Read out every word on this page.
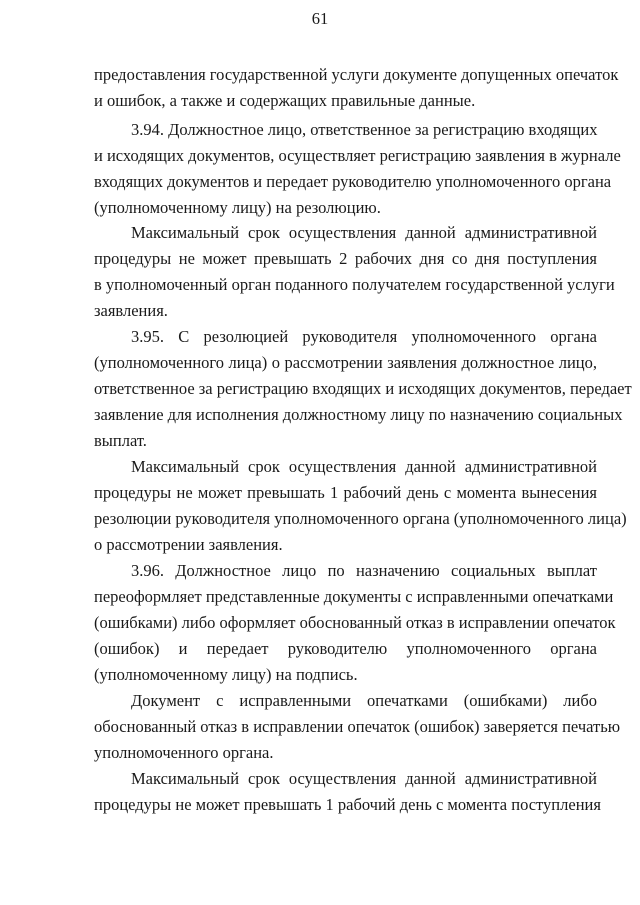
61
предоставления государственной услуги документе допущенных опечаток
и ошибок, а также и содержащих правильные данные.
3.94. Должностное лицо, ответственное за регистрацию входящих
и исходящих документов, осуществляет регистрацию заявления в журнале
входящих документов и передает руководителю уполномоченного органа
(уполномоченному лицу) на резолюцию.
Максимальный срок осуществления данной административной
процедуры не может превышать 2 рабочих дня со дня поступления
в уполномоченный орган поданного получателем государственной услуги
заявления.
3.95. С резолюцией руководителя уполномоченного органа
(уполномоченного лица) о рассмотрении заявления должностное лицо,
ответственное за регистрацию входящих и исходящих документов, передает
заявление для исполнения должностному лицу по назначению социальных
выплат.
Максимальный срок осуществления данной административной
процедуры не может превышать 1 рабочий день с момента вынесения
резолюции руководителя уполномоченного органа (уполномоченного лица)
о рассмотрении заявления.
3.96. Должностное лицо по назначению социальных выплат
переоформляет представленные документы с исправленными опечатками
(ошибками) либо оформляет обоснованный отказ в исправлении опечаток
(ошибок) и передает руководителю уполномоченного органа
(уполномоченному лицу) на подпись.
Документ с исправленными опечатками (ошибками) либо
обоснованный отказ в исправлении опечаток (ошибок) заверяется печатью
уполномоченного органа.
Максимальный срок осуществления данной административной
процедуры не может превышать 1 рабочий день с момента поступления
